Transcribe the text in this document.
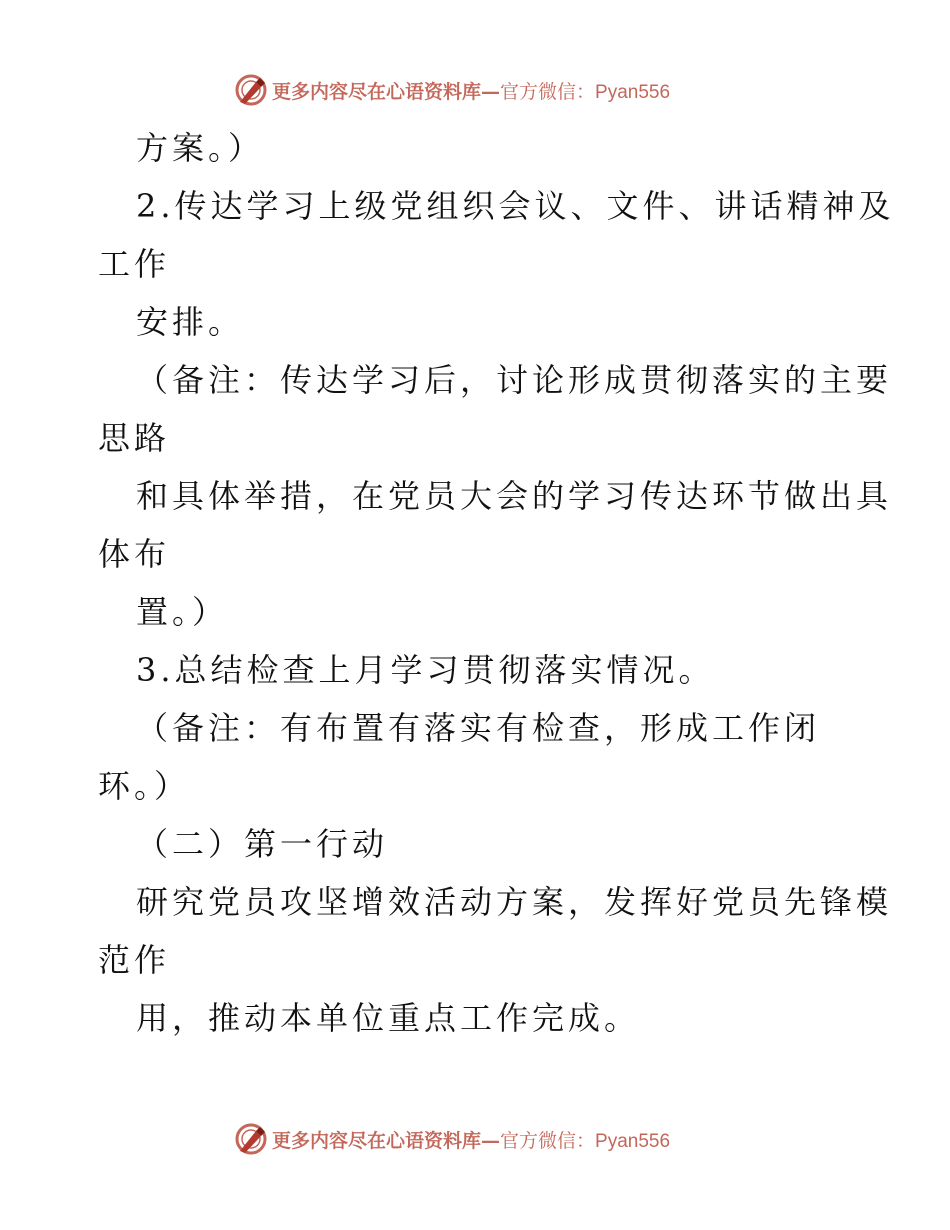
更多内容尽在心语资料库— 官方微信：Pyan556

方案。）

2.传达学习上级党组织会议、文件、讲话精神及

工作

安排。

（备注：传达学习后，讨论形成贯彻落实的主要

思路

和具体举措，在党员大会的学习传达环节做出具

体布

置。）

3.总结检查上月学习贯彻落实情况。

（备注：有布置有落实有检查，形成工作闭

环。）

（二）第一行动

研究党员攻坚增效活动方案，发挥好党员先锋模

范作

用，推动本单位重点工作完成。

更多内容尽在心语资料库— 官方微信：Pyan556
